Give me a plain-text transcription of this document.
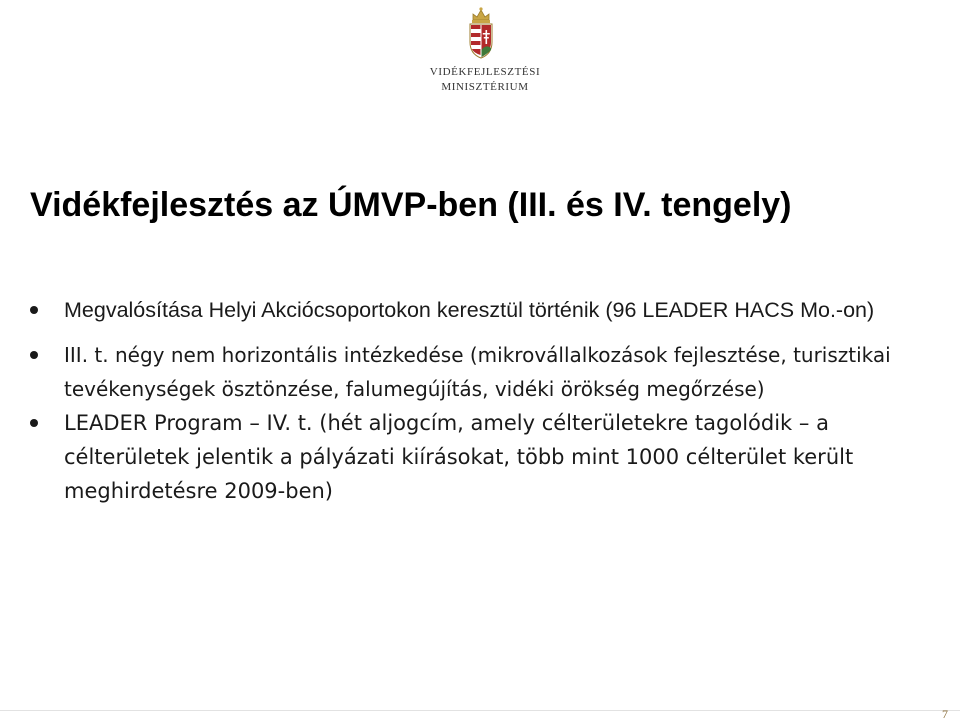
VIDÉKFEJLESZTÉSI
MINISZTÉRIUM
Vidékfejlesztés az ÚMVP-ben (III. és IV. tengely)
Megvalósítása Helyi Akciócsoportokon keresztül történik (96 LEADER HACS Mo.-on)
III. t. négy nem horizontális intézkedése (mikrovállalkozások fejlesztése, turisztikai tevékenységek ösztönzése, falumegújítás, vidéki örökség megőrzése)
LEADER Program – IV. t. (hét aljogcím, amely célterületekre tagolódik – a célterületek jelentik a pályázati kiírásokat, több mint 1000 célterület került meghirdetésre 2009-ben)
7
